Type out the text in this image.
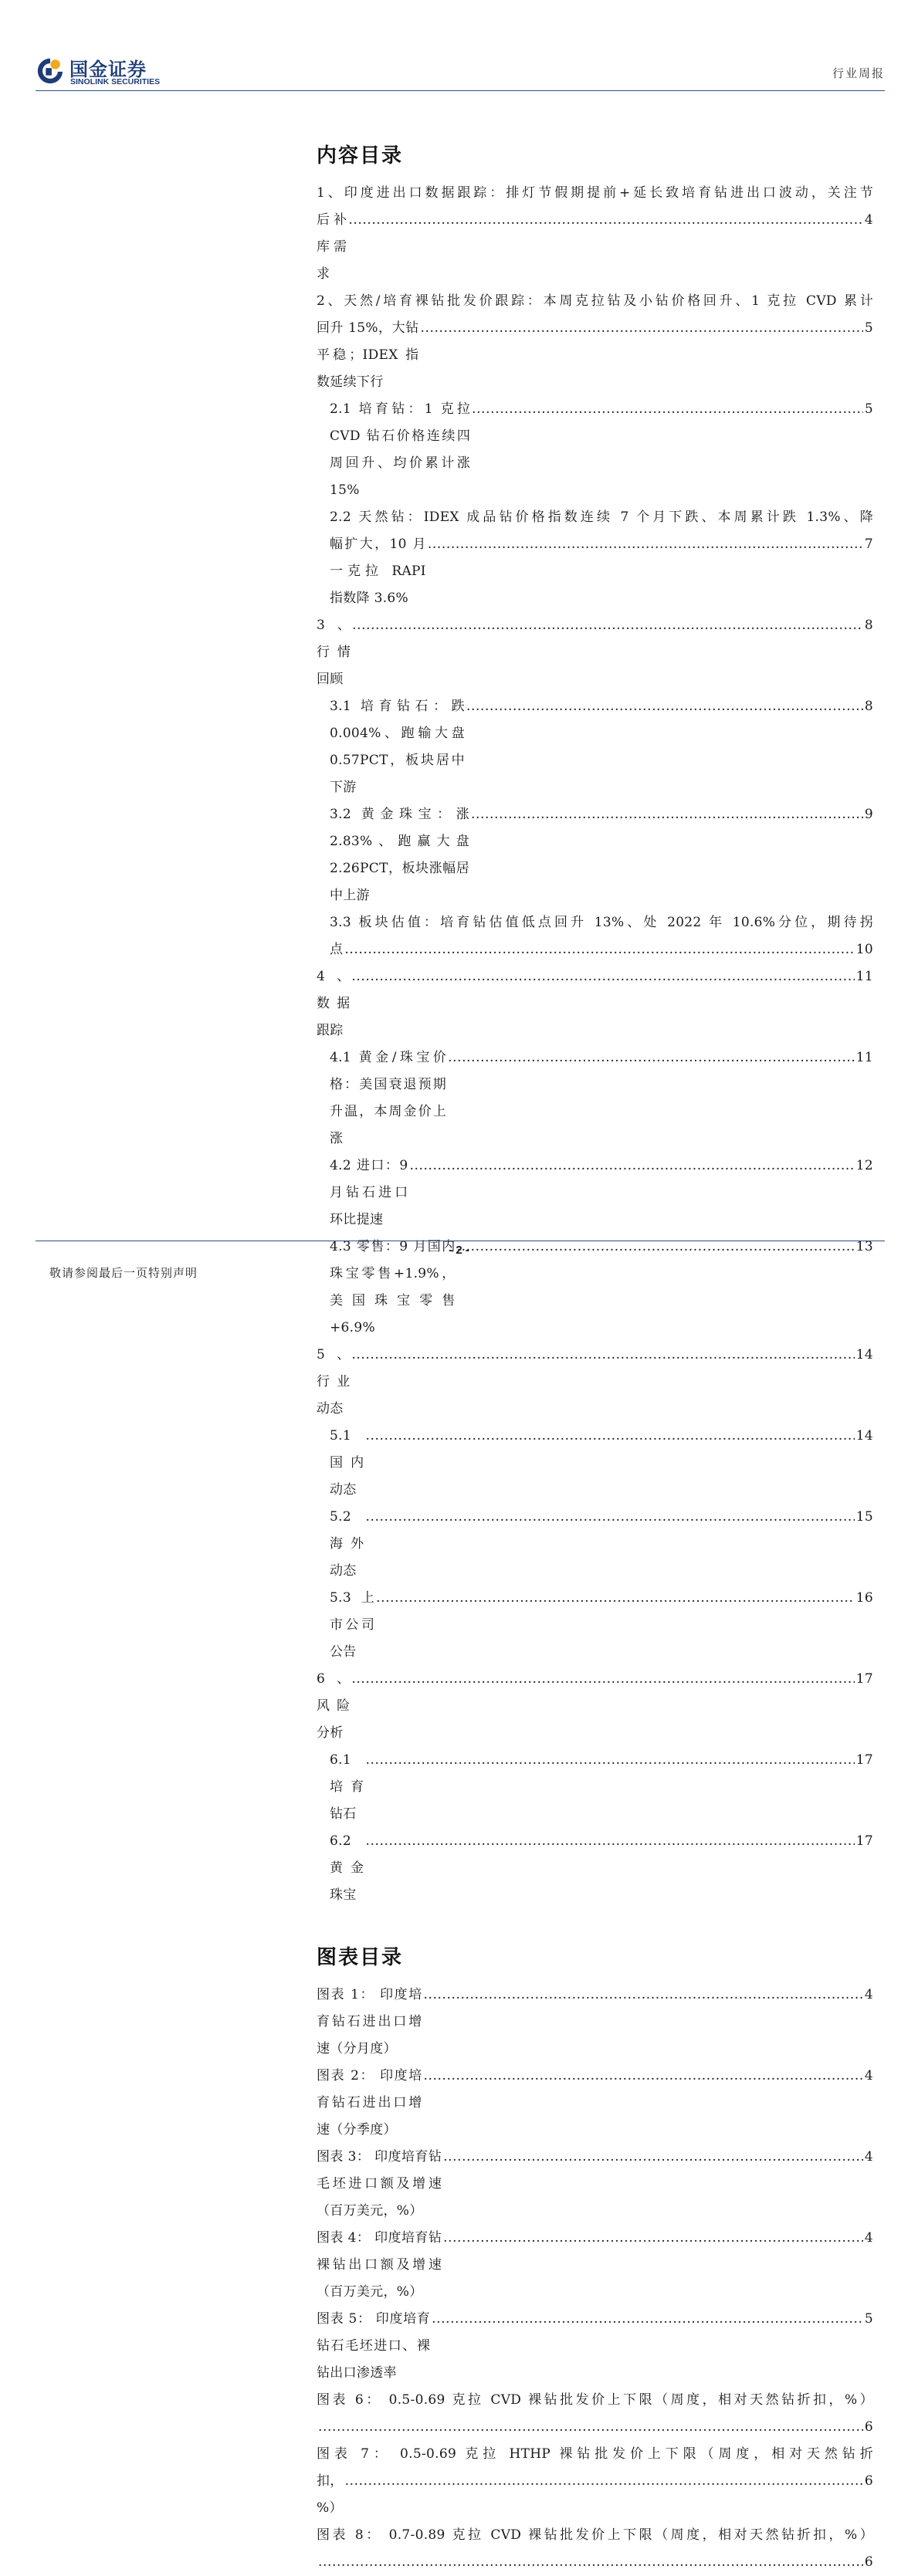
国金证券
SINOLINK SECURITIES
行业周报
内容目录
1、印度进出口数据跟踪：排灯节假期提前+延长致培育钻进出口波动，关注节
后补库需求
.....
4
2、天然/培育裸钻批发价跟踪：本周克拉钻及小钻价格回升、1 克拉 CVD 累计
回升 15%，大钻平稳；IDEX 指数延续下行
.....
5
2.1 培育钻：1 克拉 CVD 钻石价格连续四周回升、均价累计涨 15%
.....
5
2.2 天然钻：IDEX 成品钻价格指数连续 7 个月下跌、本周累计跌 1.3%、降
幅扩大，10 月一克拉 RAPI 指数降 3.6%
.....
7
3、行情回顾
.....
8
3.1 培育钻石：跌 0.004%、跑输大盘 0.57PCT，板块居中下游
.....
8
3.2 黄金珠宝：涨 2.83%、跑赢大盘 2.26PCT，板块涨幅居中上游
.....
9
3.3 板块估值：培育钻估值低点回升 13%、处 2022 年 10.6%分位，期待拐
点
.....	10
4、数据跟踪
.....
11
4.1 黄金/珠宝价格：美国衰退预期升温，本周金价上涨
.....
11
4.2 进口：9 月钻石进口环比提速
.....
12
4.3 零售：9 月国内珠宝零售+1.9%，美国珠宝零售+6.9%
.....
13
5、行业动态
.....
14
5.1 国内动态
.....
14
5.2 海外动态
.....
15
5.3 上市公司公告
.....
16
6、风险分析
.....
17
6.1 培育钻石
.....
17
6.2 黄金珠宝
.....
17
图表目录
图表 1： 印度培育钻石进出口增速（分月度）
.....
4
图表 2： 印度培育钻石进出口增速（分季度）
.....
4
图表 3： 印度培育钻毛坯进口额及增速（百万美元，%）
.....
4
图表 4： 印度培育钻裸钻出口额及增速（百万美元，%）
.....
4
图表 5： 印度培育钻石毛坯进口、裸钻出口渗透率
.....
5
图表 6： 0.5-0.69 克拉 CVD 裸钻批发价上下限（周度，相对天然钻折扣，%）
.....
6
图表 7： 0.5-0.69 克拉 HTHP 裸钻批发价上下限（周度，相对天然钻折
扣，%）
.....
6
图表 8： 0.7-0.89 克拉 CVD 裸钻批发价上下限（周度，相对天然钻折扣，%）
.....
6
- 2 -
敬请参阅最后一页特别声明
